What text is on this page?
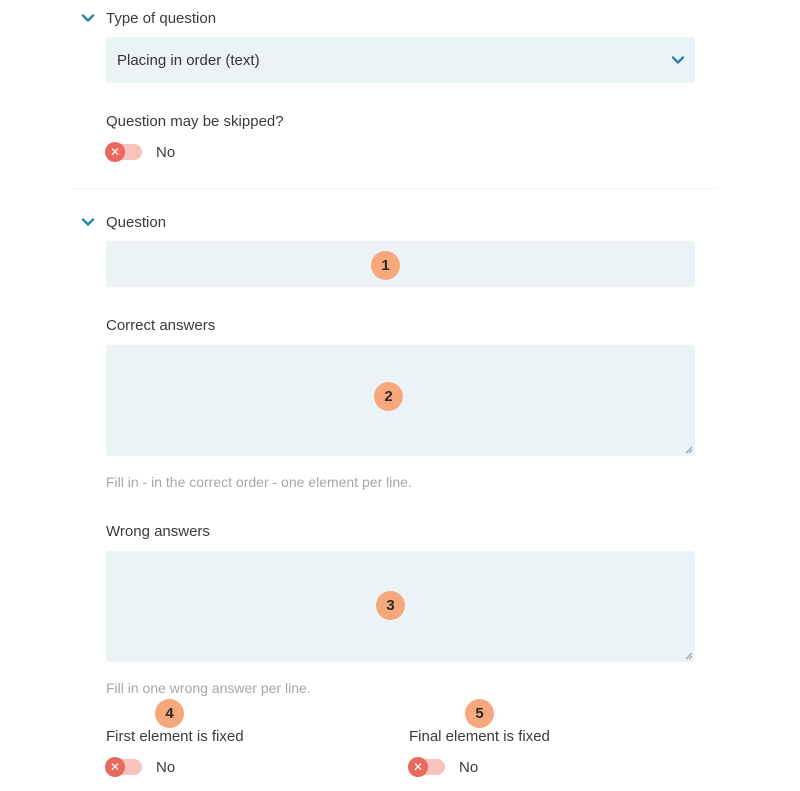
Type of question
Placing in order (text)
Question may be skipped?
✕	No
Question
Correct answers
Fill in - in the correct order - one element per line.
Wrong answers
Fill in one wrong answer per line.
First element is fixed	Final element is fixed
✕	No	✕	No
1
2
3
4	5
